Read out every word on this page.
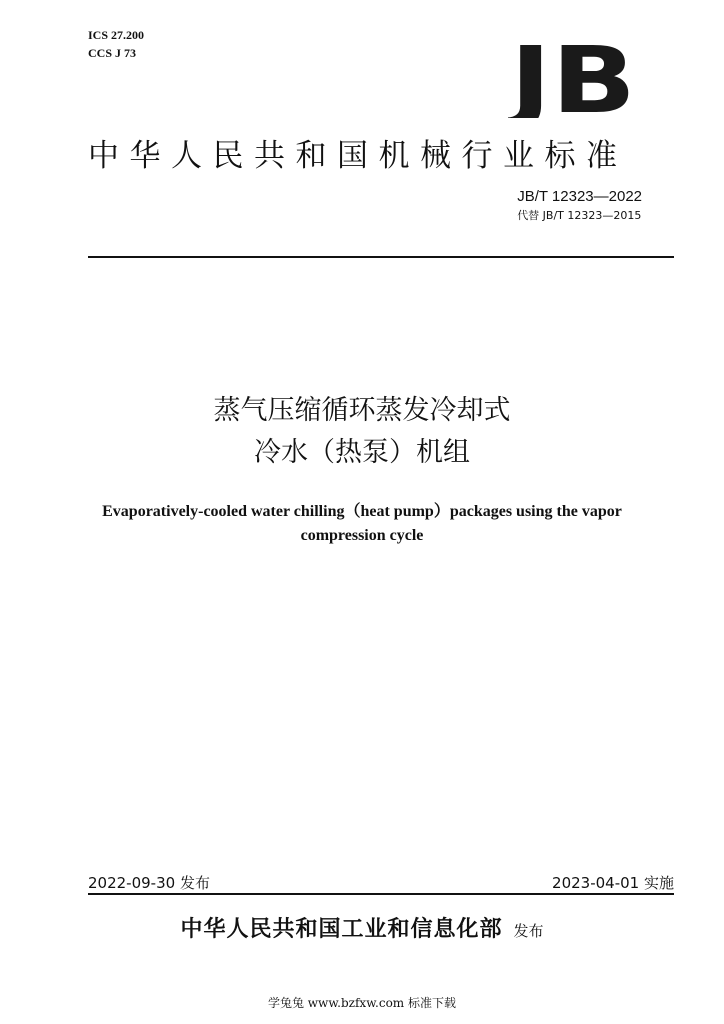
ICS 27.200
CCS J 73	JB
中华人民共和国机械行业标准
JB/T 12323—2022
代替 JB/T 12323—2015
蒸气压缩循环蒸发冷却式
冷水（热泵）机组
Evaporatively-cooled water chilling（heat pump）packages using the vapor
compression cycle
2022-09-30 发布	2023-04-01 实施
中华人民共和国工业和信息化部 发布
学兔兔 www.bzfxw.com 标准下载
